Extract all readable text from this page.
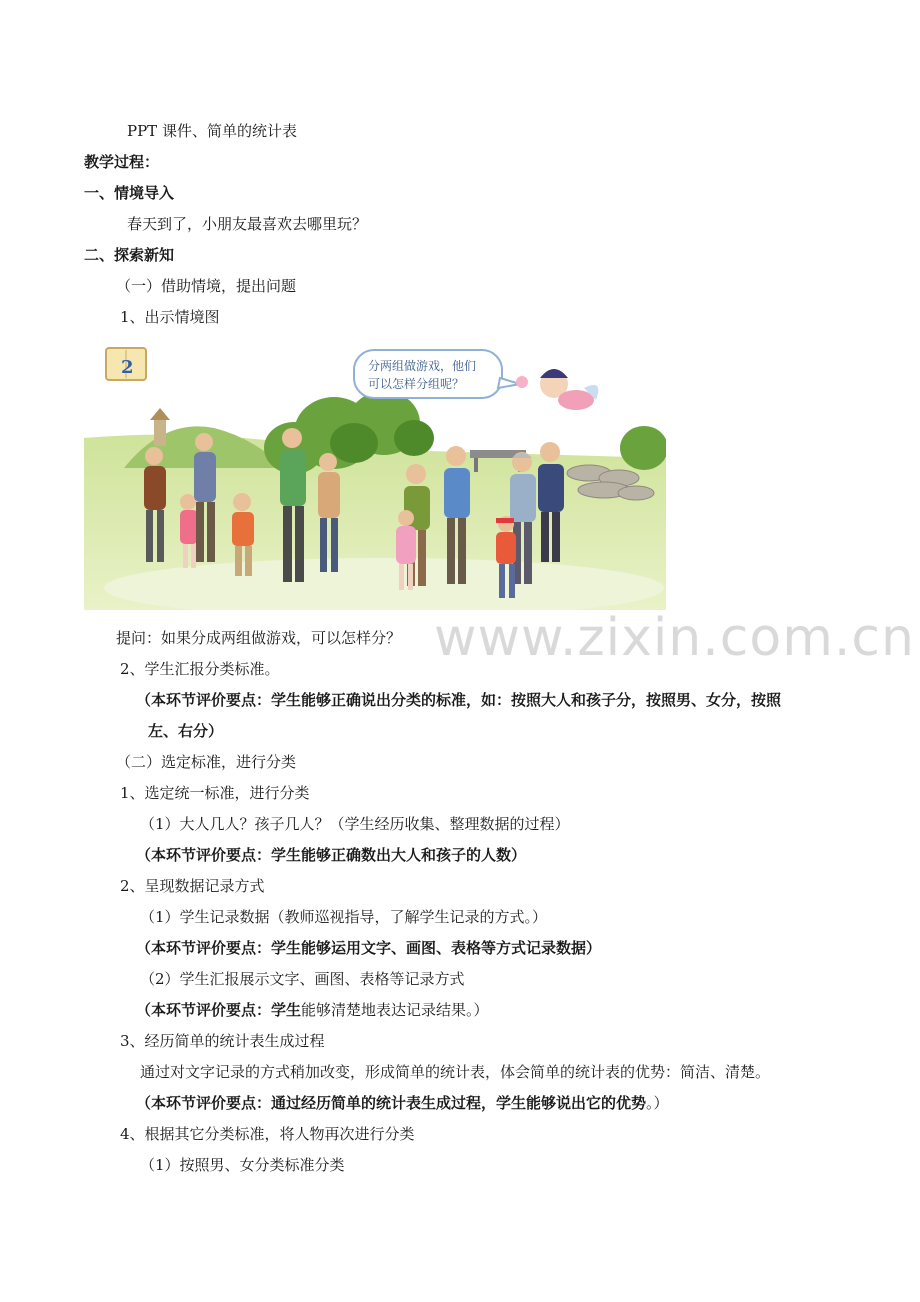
PPT 课件、简单的统计表
教学过程：
一、情境导入
春天到了，小朋友最喜欢去哪里玩？
二、探索新知
（一）借助情境，提出问题
1、出示情境图
2	分两组做游戏，他们
可以怎样分组呢？
www.zixin.com.cn
提问：如果分成两组做游戏，可以怎样分？
2、学生汇报分类标准。
（本环节评价要点：学生能够正确说出分类的标准，如：按照大人和孩子分，按照男、女分，按照
左、右分）
（二）选定标准，进行分类
1、选定统一标准，进行分类
（1）大人几人？孩子几人？（学生经历收集、整理数据的过程）
（本环节评价要点：学生能够正确数出大人和孩子的人数）
2、呈现数据记录方式
（1）学生记录数据（教师巡视指导，了解学生记录的方式。）
（本环节评价要点：学生能够运用文字、画图、表格等方式记录数据）
（2）学生汇报展示文字、画图、表格等记录方式
（本环节评价要点：学生能够清楚地表达记录结果。）
3、经历简单的统计表生成过程
通过对文字记录的方式稍加改变，形成简单的统计表，体会简单的统计表的优势：简洁、清楚。
（本环节评价要点：通过经历简单的统计表生成过程，学生能够说出它的优势。）
4、根据其它分类标准，将人物再次进行分类
（1）按照男、女分类标准分类
